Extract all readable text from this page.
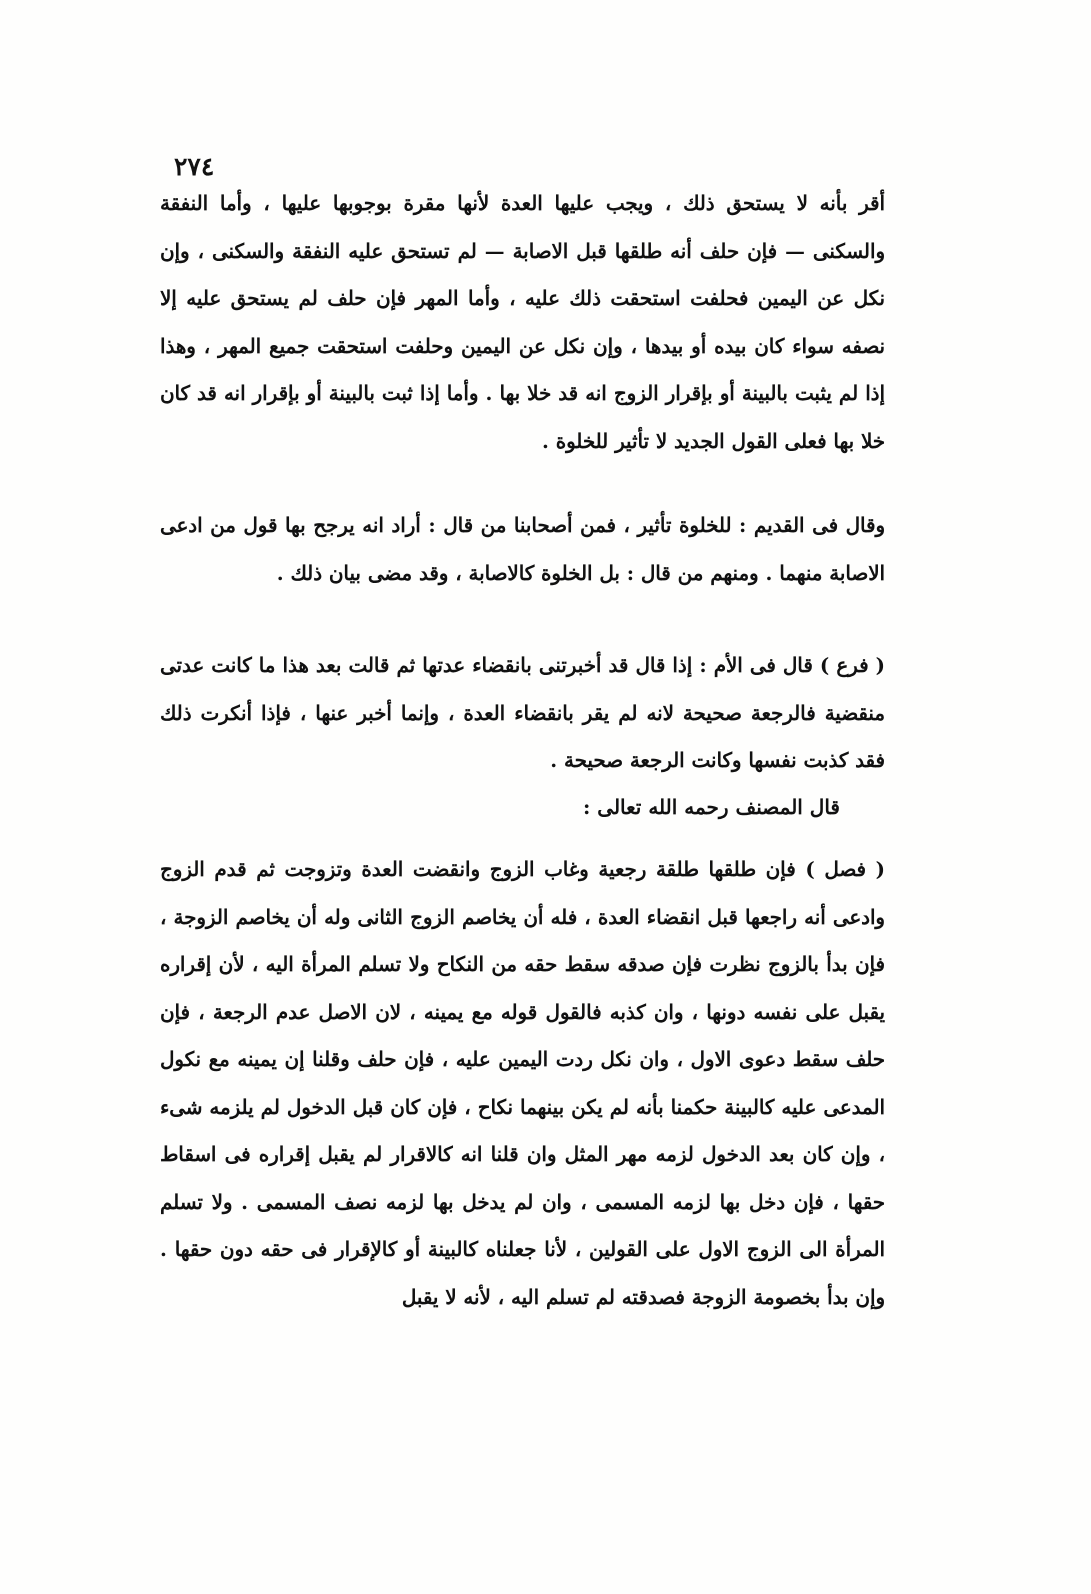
٢٧٤

أقر بأنه لا يستحق ذلك ، ويجب عليها العدة لأنها مقرة بوجوبها عليها ، وأما النفقة والسكنى — فإن حلف أنه طلقها قبل الاصابة — لم تستحق عليه النفقة والسكنى ، وإن نكل عن اليمين فحلفت استحقت ذلك عليه ، وأما المهر فإن حلف لم يستحق عليه إلا نصفه سواء كان بيده أو بيدها ، وإن نكل عن اليمين وحلفت استحقت جميع المهر ، وهذا إذا لم يثبت بالبينة أو بإقرار الزوج انه قد خلا بها . وأما إذا ثبت بالبينة أو بإقرار انه قد كان خلا بها فعلى القول الجديد لا تأثير للخلوة .

وقال فى القديم : للخلوة تأثير ، فمن أصحابنا من قال : أراد انه يرجح بها قول من ادعى الاصابة منهما . ومنهم من قال : بل الخلوة كالاصابة ، وقد مضى بيان ذلك .

( فرع ) قال فى الأم : إذا قال قد أخبرتنى بانقضاء عدتها ثم قالت بعد هذا ما كانت عدتى منقضية فالرجعة صحيحة لانه لم يقر بانقضاء العدة ، وإنما أخبر عنها ، فإذا أنكرت ذلك فقد كذبت نفسها وكانت الرجعة صحيحة .

قال المصنف رحمه الله تعالى :

( فصل ) فإن طلقها طلقة رجعية وغاب الزوج وانقضت العدة وتزوجت ثم قدم الزوج وادعى أنه راجعها قبل انقضاء العدة ، فله أن يخاصم الزوج الثانى وله أن يخاصم الزوجة ، فإن بدأ بالزوج نظرت فإن صدقه سقط حقه من النكاح ولا تسلم المرأة اليه ، لأن إقراره يقبل على نفسه دونها ، وان كذبه فالقول قوله مع يمينه ، لان الاصل عدم الرجعة ، فإن حلف سقط دعوى الاول ، وان نكل ردت اليمين عليه ، فإن حلف وقلنا إن يمينه مع نكول المدعى عليه كالبينة حكمنا بأنه لم يكن بينهما نكاح ، فإن كان قبل الدخول لم يلزمه شىء ، وإن كان بعد الدخول لزمه مهر المثل وان قلنا انه كالاقرار لم يقبل إقراره فى اسقاط حقها ، فإن دخل بها لزمه المسمى ، وان لم يدخل بها لزمه نصف المسمى . ولا تسلم المرأة الى الزوج الاول على القولين ، لأنا جعلناه كالبينة أو كالإقرار فى حقه دون حقها . وإن بدأ بخصومة الزوجة فصدقته لم تسلم اليه ، لأنه لا يقبل
